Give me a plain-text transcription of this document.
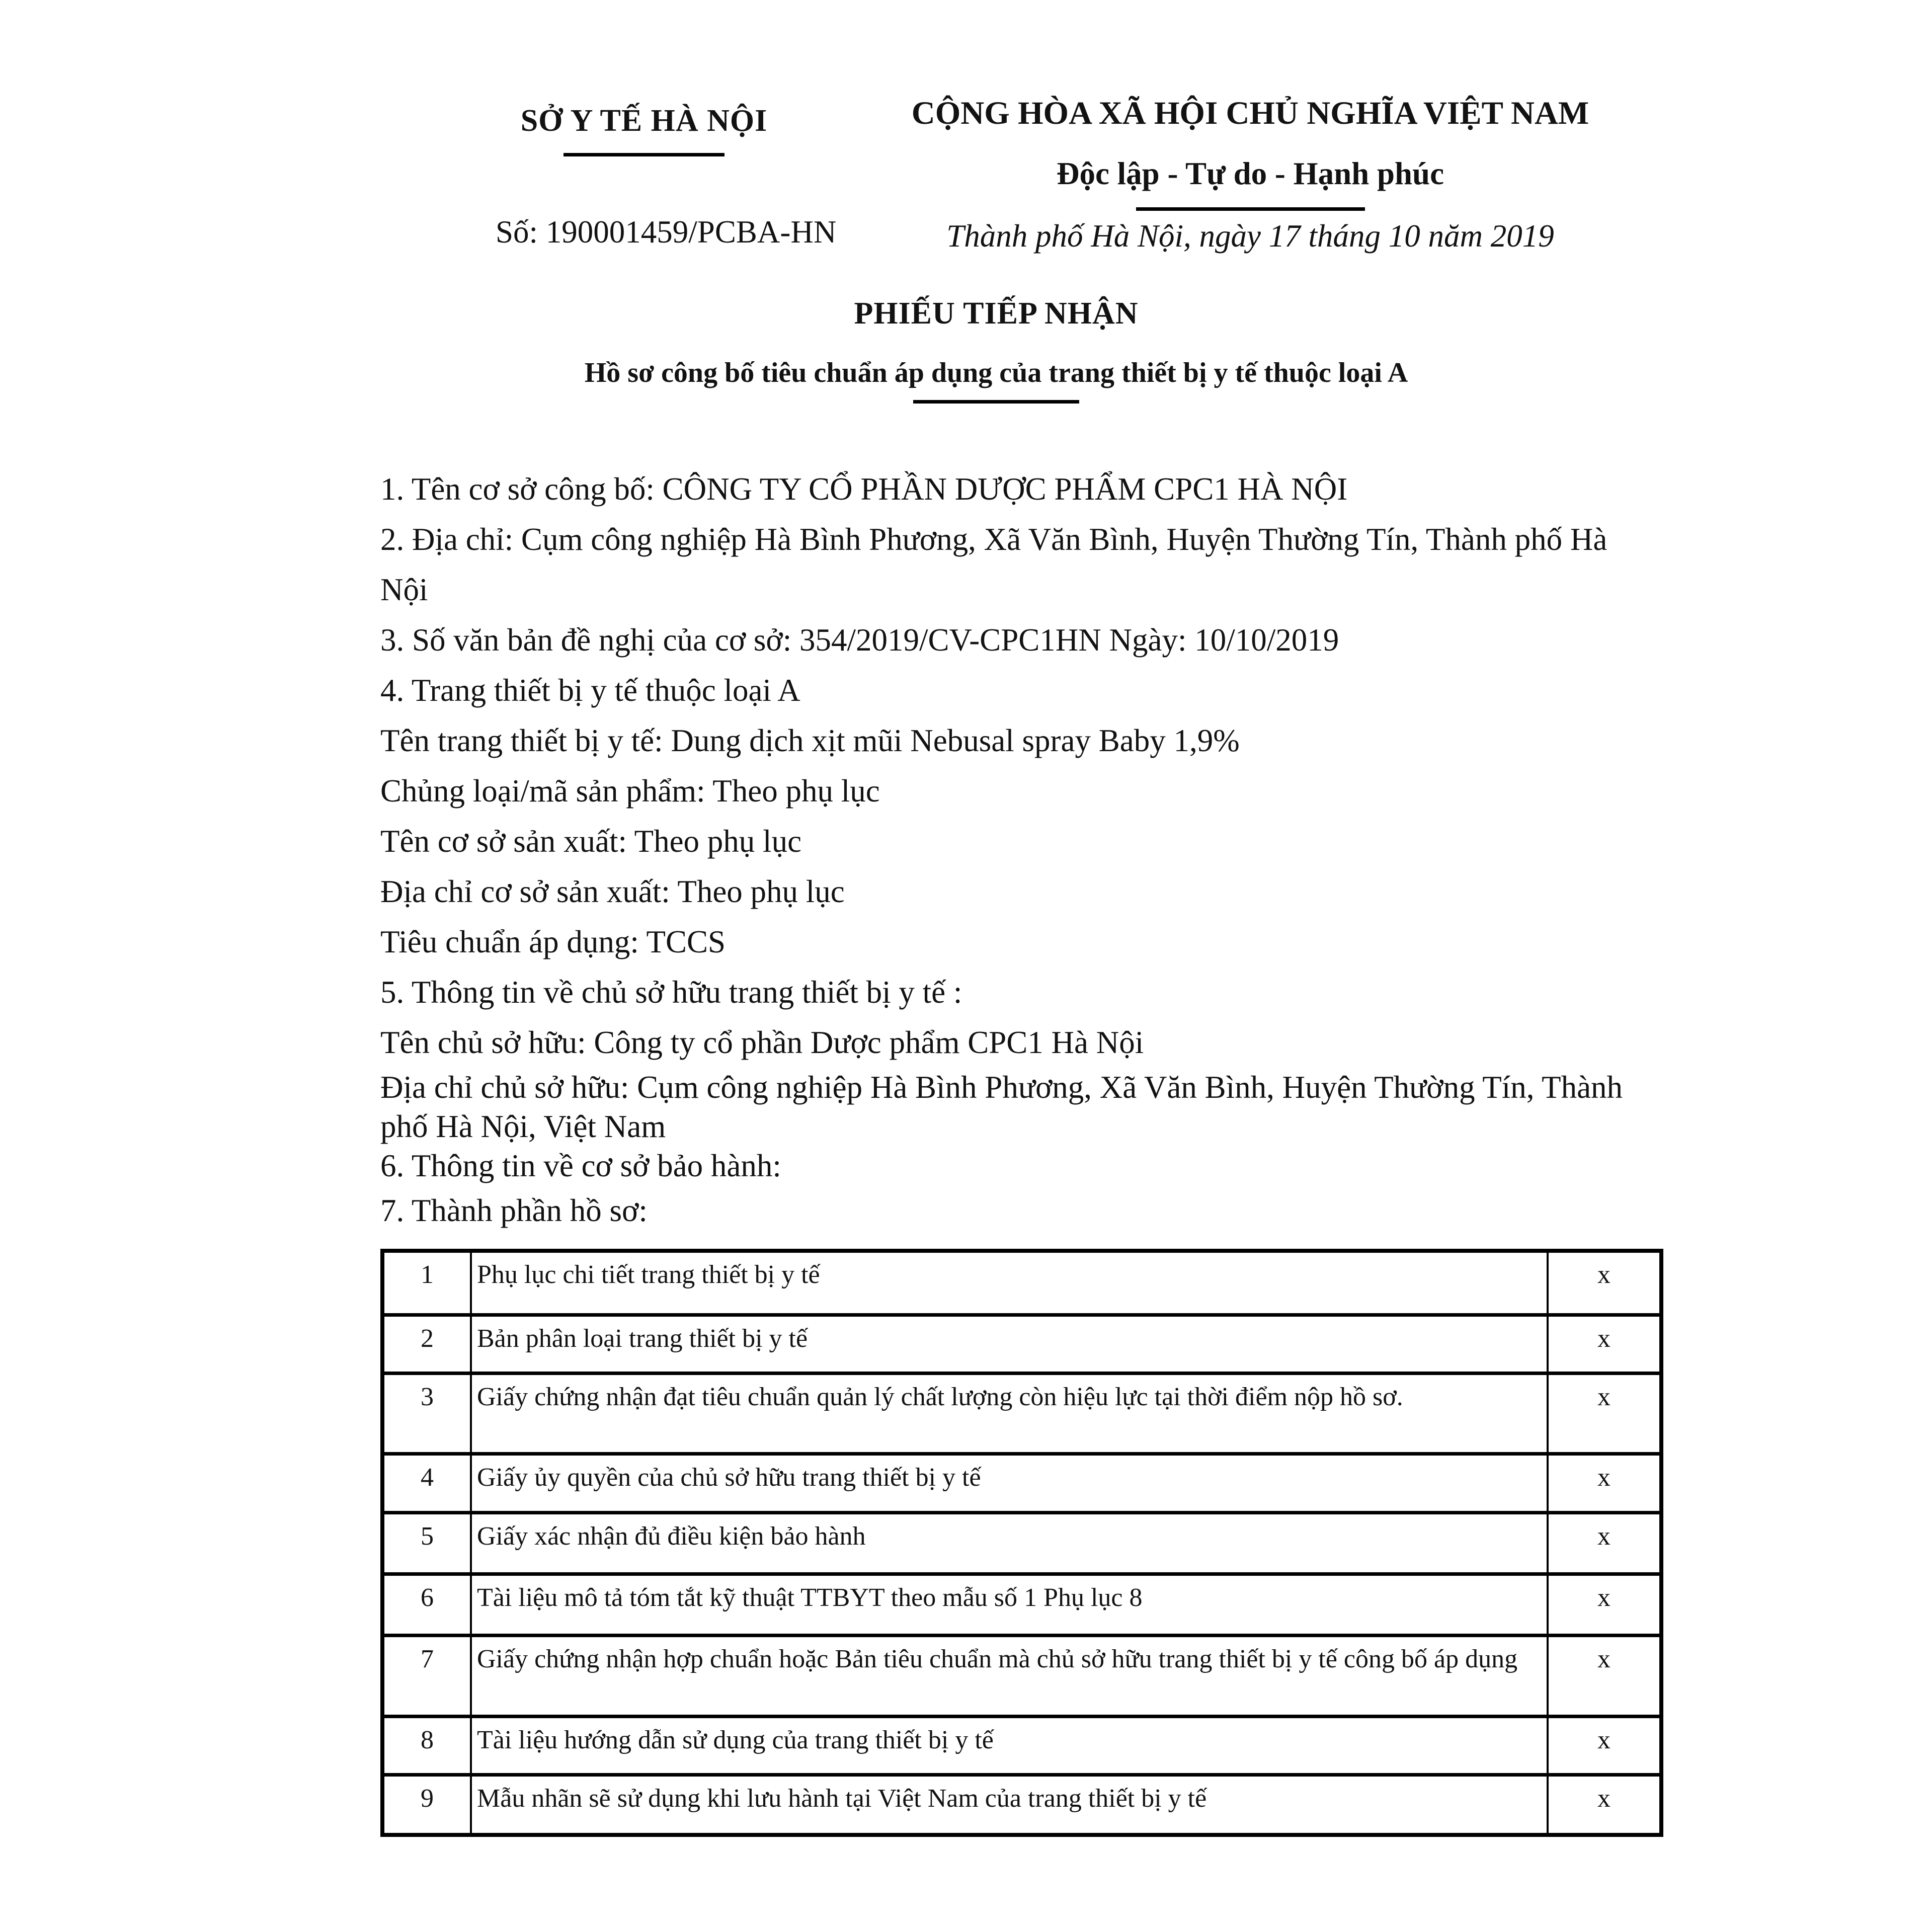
SỞ Y TẾ HÀ NỘI
Số: 190001459/PCBA-HN
CỘNG HÒA XÃ HỘI CHỦ NGHĨA VIỆT NAM
Độc lập - Tự do - Hạnh phúc
Thành phố Hà Nội, ngày 17 tháng 10 năm 2019
PHIẾU TIẾP NHẬN
Hồ sơ công bố tiêu chuẩn áp dụng của trang thiết bị y tế thuộc loại A

1. Tên cơ sở công bố: CÔNG TY CỔ PHẦN DƯỢC PHẨM CPC1 HÀ NỘI

2. Địa chỉ: Cụm công nghiệp Hà Bình Phương, Xã Văn Bình, Huyện Thường Tín, Thành phố Hà Nội

3. Số văn bản đề nghị của cơ sở: 354/2019/CV-CPC1HN Ngày: 10/10/2019

4. Trang thiết bị y tế thuộc loại A

Tên trang thiết bị y tế: Dung dịch xịt mũi Nebusal spray Baby 1,9%

Chủng loại/mã sản phẩm: Theo phụ lục

Tên cơ sở sản xuất: Theo phụ lục

Địa chỉ cơ sở sản xuất: Theo phụ lục

Tiêu chuẩn áp dụng: TCCS

5. Thông tin về chủ sở hữu trang thiết bị y tế :

Tên chủ sở hữu: Công ty cổ phần Dược phẩm CPC1 Hà Nội

Địa chỉ chủ sở hữu: Cụm công nghiệp Hà Bình Phương, Xã Văn Bình, Huyện Thường Tín, Thành phố Hà Nội, Việt Nam

6. Thông tin về cơ sở bảo hành:

7. Thành phần hồ sơ:

1	Phụ lục chi tiết trang thiết bị y tế	x
2	Bản phân loại trang thiết bị y tế	x
3	Giấy chứng nhận đạt tiêu chuẩn quản lý chất lượng còn hiệu lực tại thời điểm nộp hồ sơ.	x
4	Giấy ủy quyền của chủ sở hữu trang thiết bị y tế	x
5	Giấy xác nhận đủ điều kiện bảo hành	x
6	Tài liệu mô tả tóm tắt kỹ thuật TTBYT theo mẫu số 1 Phụ lục 8	x
7	Giấy chứng nhận hợp chuẩn hoặc Bản tiêu chuẩn mà chủ sở hữu trang thiết bị y tế công bố áp dụng	x
8	Tài liệu hướng dẫn sử dụng của trang thiết bị y tế	x
9	Mẫu nhãn sẽ sử dụng khi lưu hành tại Việt Nam của trang thiết bị y tế	x
